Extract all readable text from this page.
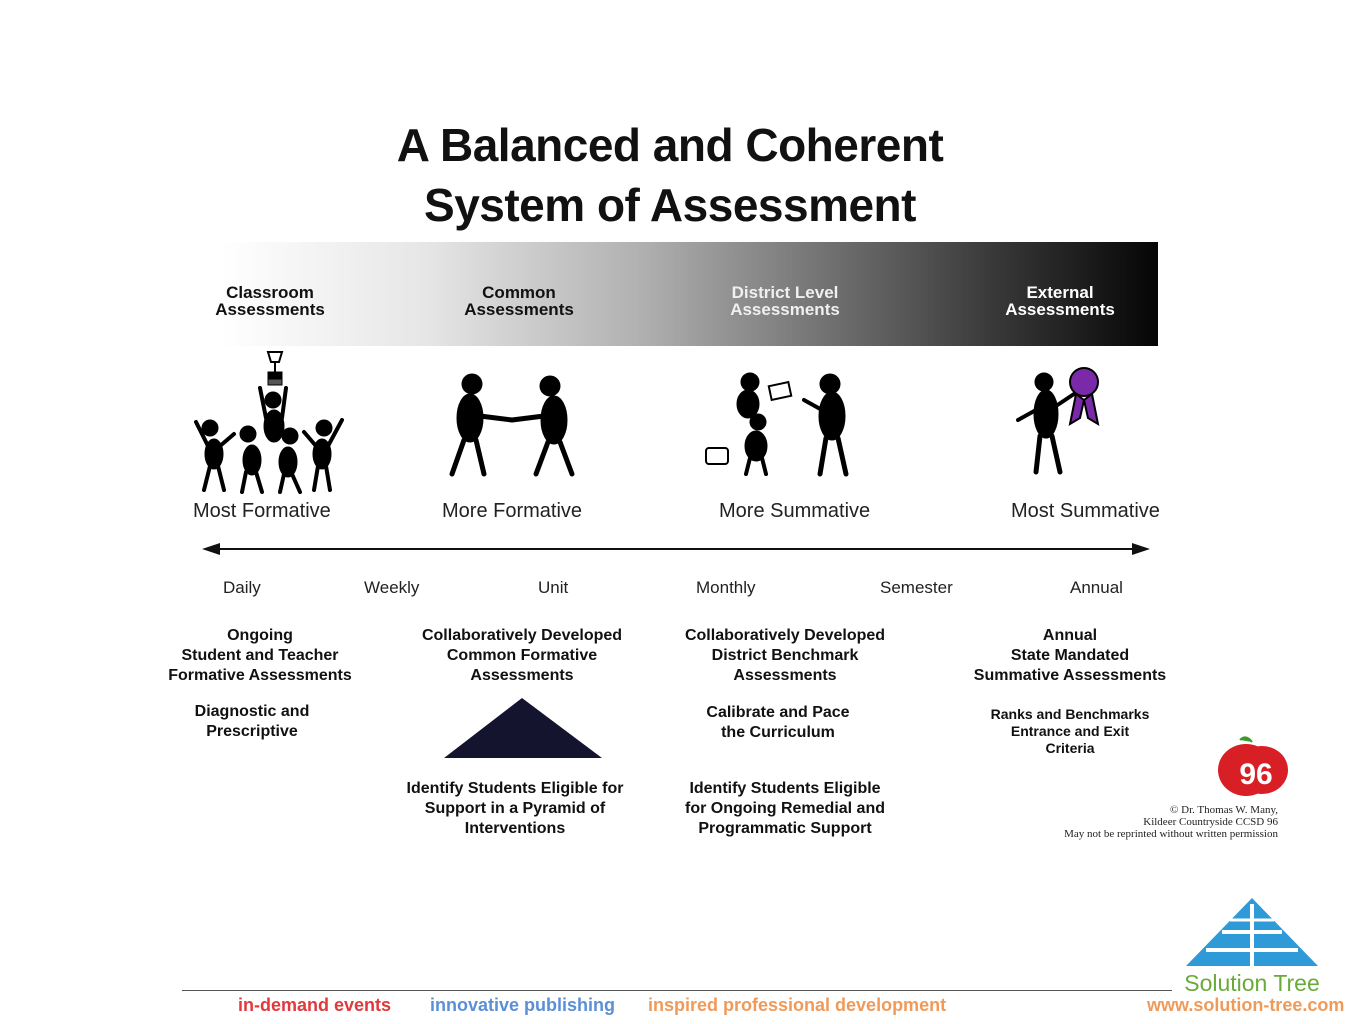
A Balanced and Coherent
System of Assessment
Classroom
Assessments
Common
Assessments
District Level
Assessments
External
Assessments
Most Formative	More Formative	More Summative	Most Summative
Daily	Weekly	Unit	Monthly	Semester	Annual
Ongoing
Student and Teacher
Formative Assessments
Diagnostic and
Prescriptive
Collaboratively Developed
Common Formative
Assessments
Identify Students Eligible for
Support in a Pyramid of
Interventions
Collaboratively Developed
District Benchmark
Assessments
Calibrate and Pace
the Curriculum
Identify Students Eligible
for Ongoing Remedial and
Programmatic Support
Annual
State Mandated
Summative Assessments
Ranks and Benchmarks
Entrance and Exit
Criteria
96
© Dr. Thomas W. Many,
Kildeer Countryside CCSD 96
May not be reprinted without written permission
Solution Tree
in-demand events innovative publishing inspired professional development	www.solution-tree.com
